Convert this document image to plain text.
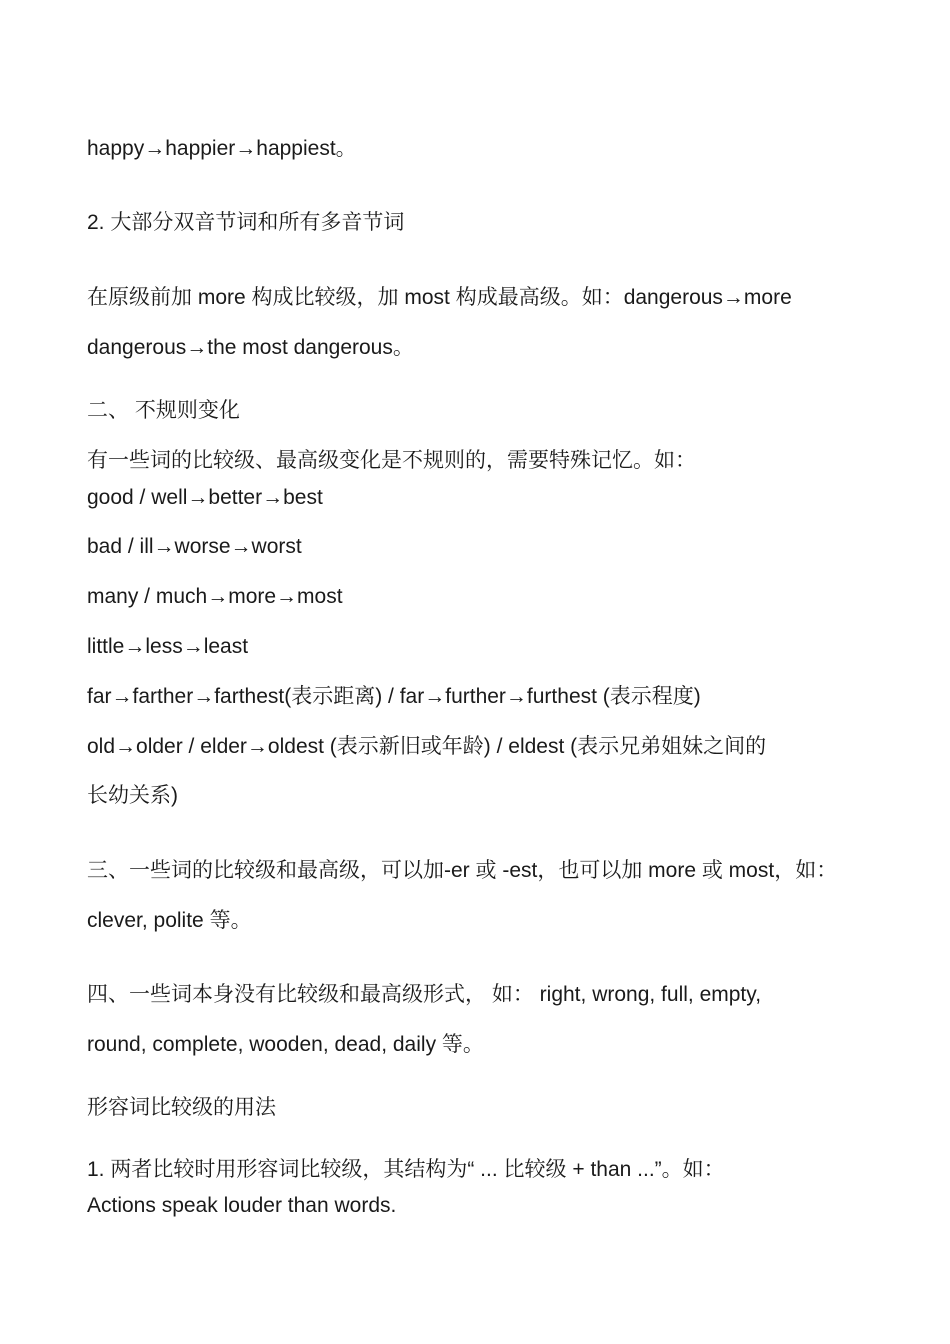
happy→happier→happiest。
2. 大部分双音节词和所有多音节词
在原级前加 more 构成比较级，加 most 构成最高级。如：dangerous→more
dangerous→the most dangerous。
二、 不规则变化
有一些词的比较级、最高级变化是不规则的，需要特殊记忆。如：
good / well→better→best
bad / ill→worse→worst
many / much→more→most
little→less→least
far→farther→farthest(表示距离) / far→further→furthest (表示程度)
old→older / elder→oldest (表示新旧或年龄) / eldest (表示兄弟姐妹之间的
长幼关系)
三、一些词的比较级和最高级，可以加-er 或 -est，也可以加 more 或 most，如：
clever, polite 等。
四、一些词本身没有比较级和最高级形式， 如： right, wrong, full, empty,
round, complete, wooden, dead, daily 等。
形容词比较级的用法
1. 两者比较时用形容词比较级，其结构为“ ... 比较级 + than ...”。如：
Actions speak louder than words.
